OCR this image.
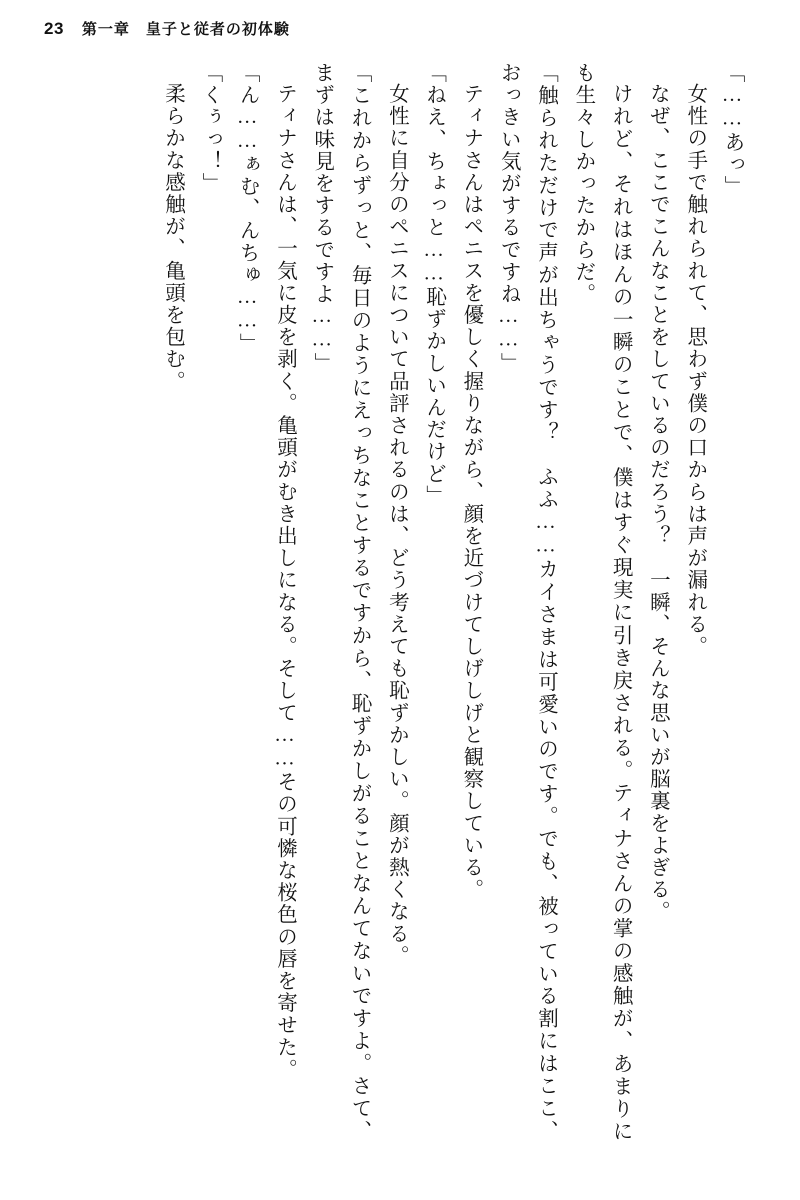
23 第一章　皇子と従者の初体験

「……あっ」

女性の手で触れられて、思わず僕の口からは声が漏れる。

なぜ、ここでこんなことをしているのだろう？　一瞬、そんな思いが脳裏をよぎる。

けれど、それはほんの一瞬のことで、僕はすぐ現実に引き戻される。ティナさんの掌の感触が、あまりにも生々しかったからだ。

「触られただけで声が出ちゃうです？　ふふ……カイさまは可愛いのです。でも、被っている割にはここ、おっきい気がするですね……」

ティナさんはペニスを優しく握りながら、顔を近づけてしげしげと観察している。

「ねえ、ちょっと……恥ずかしいんだけど」

女性に自分のペニスについて品評されるのは、どう考えても恥ずかしい。顔が熱くなる。

「これからずっと、毎日のようにえっちなことするですから、恥ずかしがることなんてないですよ。さて、まずは味見をするですよ……」

ティナさんは、一気に皮を剥く。亀頭がむき出しになる。そして……その可憐な桜色の唇を寄せた。

「ん……ぁむ、んちゅ……」

「くぅっ！」

柔らかな感触が、亀頭を包む。
